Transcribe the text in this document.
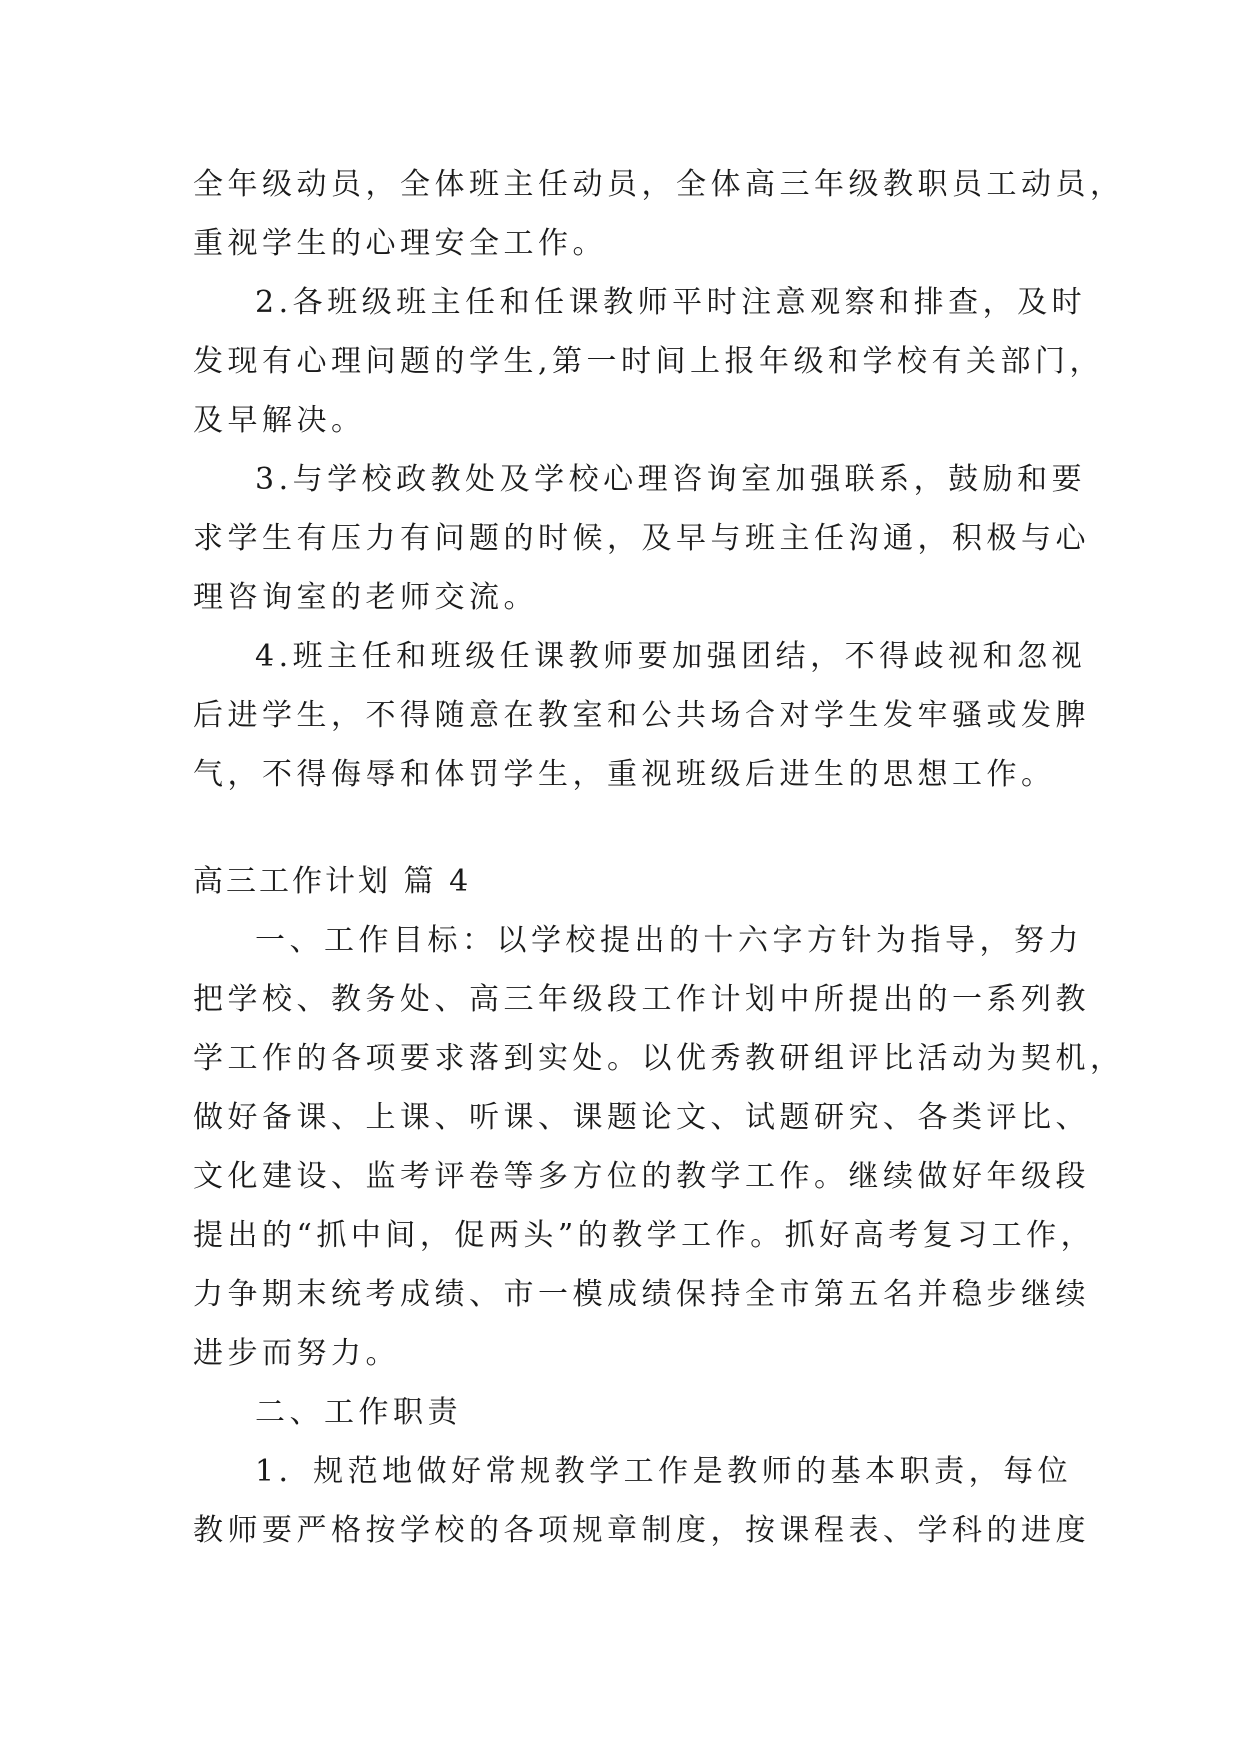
全年级动员，全体班主任动员，全体高三年级教职员工动员，
重视学生的心理安全工作。
2.各班级班主任和任课教师平时注意观察和排查，及时
发现有心理问题的学生,第一时间上报年级和学校有关部门，
及早解决。
3.与学校政教处及学校心理咨询室加强联系，鼓励和要
求学生有压力有问题的时候，及早与班主任沟通，积极与心
理咨询室的老师交流。
4.班主任和班级任课教师要加强团结，不得歧视和忽视
后进学生，不得随意在教室和公共场合对学生发牢骚或发脾
气，不得侮辱和体罚学生，重视班级后进生的思想工作。
高三工作计划 篇 4
一、工作目标：以学校提出的十六字方针为指导，努力
把学校、教务处、高三年级段工作计划中所提出的一系列教
学工作的各项要求落到实处。以优秀教研组评比活动为契机，
做好备课、上课、听课、课题论文、试题研究、各类评比、
文化建设、监考评卷等多方位的教学工作。继续做好年级段
提出的“抓中间，促两头”的教学工作。抓好高考复习工作，
力争期末统考成绩、市一模成绩保持全市第五名并稳步继续
进步而努力。
二、工作职责
1．规范地做好常规教学工作是教师的基本职责，每位
教师要严格按学校的各项规章制度，按课程表、学科的进度
